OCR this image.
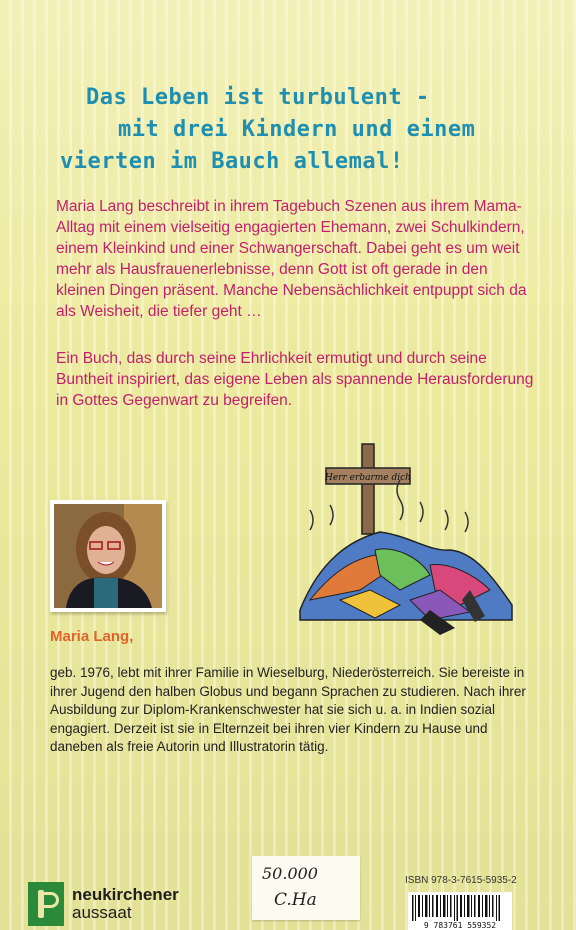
Das Leben ist turbulent -
mit drei Kindern und einem
vierten im Bauch allemal!
Maria Lang beschreibt in ihrem Tagebuch Szenen aus ihrem Mama-Alltag mit einem vielseitig engagierten Ehemann, zwei Schulkindern, einem Kleinkind und einer Schwangerschaft. Dabei geht es um weit mehr als Hausfrauenerlebnisse, denn Gott ist oft gerade in den kleinen Dingen präsent. Manche Nebensächlichkeit entpuppt sich da als Weisheit, die tiefer geht …
Ein Buch, das durch seine Ehrlichkeit ermutigt und durch seine Buntheit inspiriert, das eigene Leben als spannende Herausforderung in Gottes Gegenwart zu begreifen.
Herr erbarme dich
Maria Lang,
geb. 1976, lebt mit ihrer Familie in Wieselburg, Niederösterreich. Sie bereiste in ihrer Jugend den halben Globus und begann Sprachen zu studieren. Nach ihrer Ausbildung zur Diplom-Krankenschwester hat sie sich u. a. in Indien sozial engagiert. Derzeit ist sie in Elternzeit bei ihren vier Kindern zu Hause und daneben als freie Autorin und Illustratorin tätig.
neukirchener
aussaat
50.000
C.Ha
ISBN 978-3-7615-5935-2
9 783761 559352
